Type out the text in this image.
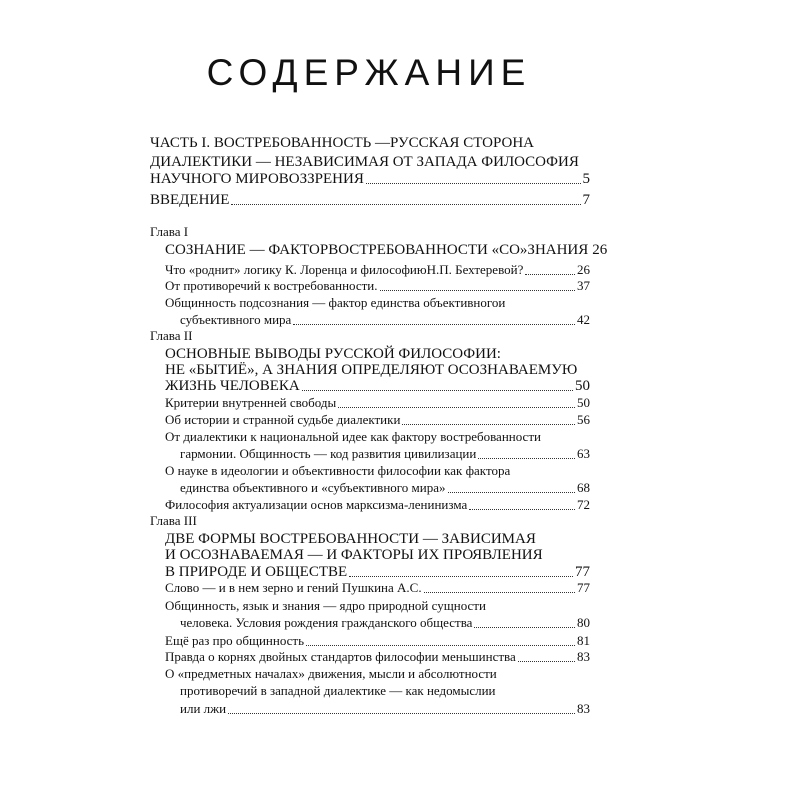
СОДЕРЖАНИЕ
ЧАСТЬ I. ВОСТРЕБОВАННОСТЬ —РУССКАЯ СТОРОНА
ДИАЛЕКТИКИ — НЕЗАВИСИМАЯ ОТ ЗАПАДА ФИЛОСОФИЯ
НАУЧНОГО МИРОВОЗЗРЕНИЯ	5
ВВЕДЕНИЕ	7
Глава I
СОЗНАНИЕ — ФАКТОРВОСТРЕБОВАННОСТИ «СО»ЗНАНИЯ 26
Что «роднит» логику К. Лоренца и философиюН.П. Бехтеревой?	26
От противоречий к востребованности.	37
Общинность подсознания — фактор единства объективногои
субъективного мира	42
Глава II
ОСНОВНЫЕ ВЫВОДЫ РУССКОЙ ФИЛОСОФИИ:
НЕ «БЫТИЁ», А ЗНАНИЯ ОПРЕДЕЛЯЮТ ОСОЗНАВАЕМУЮ
ЖИЗНЬ ЧЕЛОВЕКА	50
Критерии внутренней свободы	50
Об истории и странной судьбе диалектики	56
От диалектики к национальной идее как фактору востребованности
гармонии. Общинность — код развития цивилизации	63
О науке в идеологии и объективности философии как фактора
единства объективного и «субъективного мира»	68
Философия актуализации основ марксизма-ленинизма	72
Глава III
ДВЕ ФОРМЫ ВОСТРЕБОВАННОСТИ — ЗАВИСИМАЯ
И ОСОЗНАВАЕМАЯ — И ФАКТОРЫ ИХ ПРОЯВЛЕНИЯ
В ПРИРОДЕ И ОБЩЕСТВЕ	77
Слово — и в нем зерно и гений Пушкина А.С.	77
Общинность, язык и знания — ядро природной сущности
человека. Условия рождения гражданского общества	80
Ещё раз про общинность	81
Правда о корнях двойных стандартов философии меньшинства	83
О «предметных началах» движения, мысли и абсолютности
противоречий в западной диалектике — как недомыслии
или лжи	83
